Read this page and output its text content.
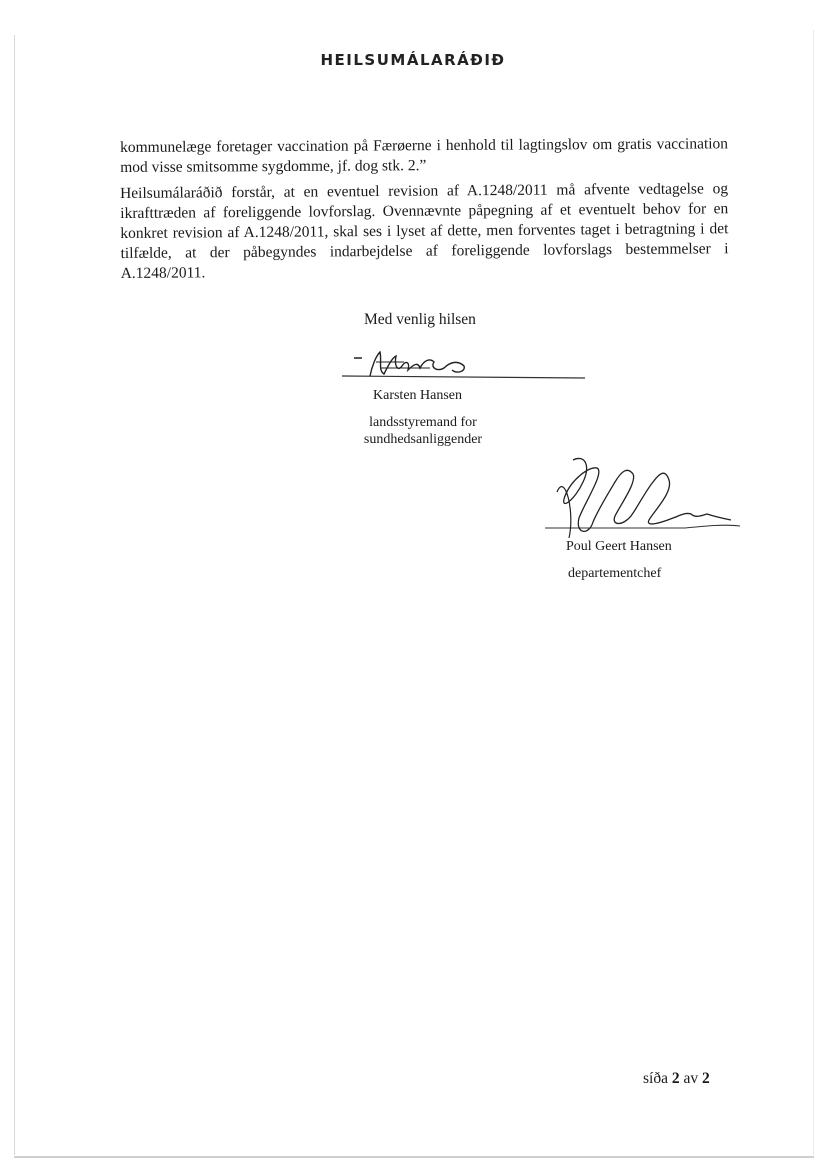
HEILSUMÁLARÁÐIÐ
kommunelæge foretager vaccination på Færøerne i henhold til lagtingslov om gratis vaccination mod visse smitsomme sygdomme, jf. dog stk. 2.”
Heilsumálaráðið forstår, at en eventuel revision af A.1248/2011 må afvente vedtagelse og ikrafttræden af foreliggende lovforslag. Ovennævnte påpegning af et eventuelt behov for en konkret revision af A.1248/2011, skal ses i lyset af dette, men forventes taget i betragtning i det tilfælde, at der påbegyndes indarbejdelse af foreliggende lovforslags bestemmelser i A.1248/2011.
Med venlig hilsen
Karsten Hansen
landsstyremand for sundhedsanliggender
Poul Geert Hansen
departementchef
síða 2 av 2
